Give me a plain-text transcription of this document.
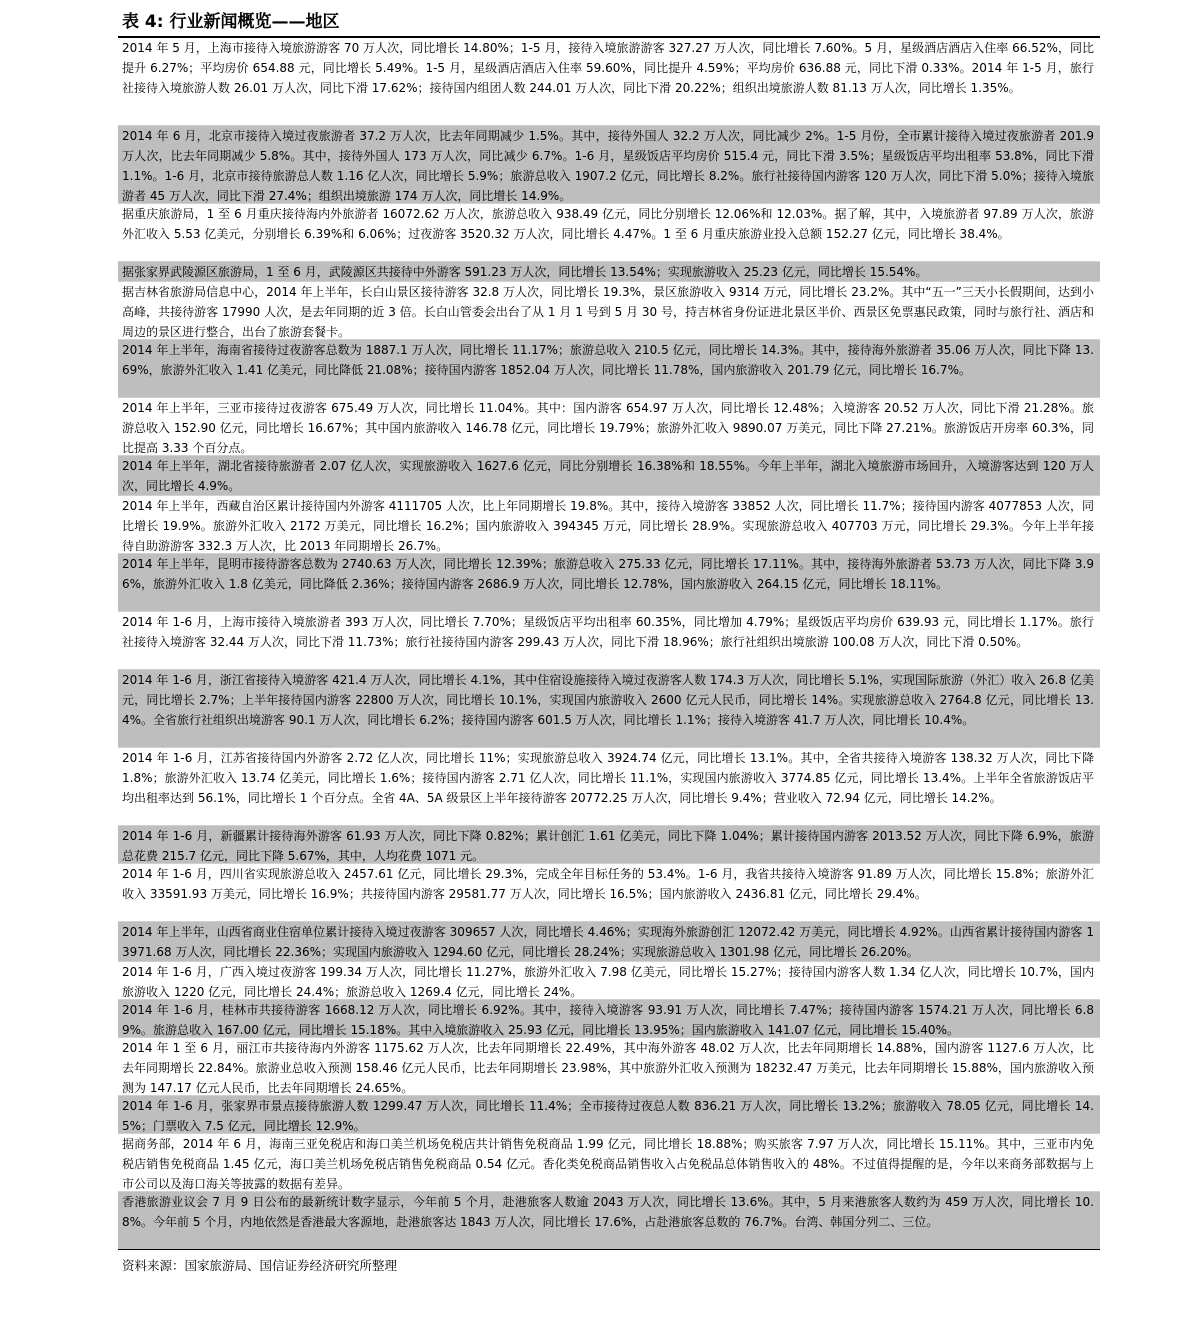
表 4: 行业新闻概览——地区
2014 年 5 月，上海市接待入境旅游游客 70 万人次，同比增长 14.80%；1-5 月，接待入境旅游游客 327.27 万人次，同比增长 7.60%。5 月，星级酒店酒店入住率 66.52%，同比提升 6.27%；平均房价 654.88 元，同比增长 5.49%。1-5 月，星级酒店酒店入住率 59.60%，同比提升 4.59%；平均房价 636.88 元，同比下滑 0.33%。2014 年 1-5 月，旅行社接待入境旅游人数 26.01 万人次，同比下滑 17.62%；接待国内组团人数 244.01 万人次，同比下滑 20.22%；组织出境旅游人数 81.13 万人次，同比增长 1.35%。
2014 年 6 月，北京市接待入境过夜旅游者 37.2 万人次，比去年同期减少 1.5%。其中，接待外国人 32.2 万人次，同比减少 2%。1-5 月份，全市累计接待入境过夜旅游者 201.9 万人次，比去年同期减少 5.8%。其中，接待外国人 173 万人次，同比减少 6.7%。1-6 月，星级饭店平均房价 515.4 元，同比下滑 3.5%；星级饭店平均出租率 53.8%，同比下滑 1.1%。1-6 月，北京市接待旅游总人数 1.16 亿人次，同比增长 5.9%；旅游总收入 1907.2 亿元，同比增长 8.2%。旅行社接待国内游客 120 万人次，同比下滑 5.0%；接待入境旅游者 45 万人次，同比下滑 27.4%；组织出境旅游 174 万人次，同比增长 14.9%。
据重庆旅游局，1 至 6 月重庆接待海内外旅游者 16072.62 万人次，旅游总收入 938.49 亿元，同比分别增长 12.06%和 12.03%。据了解，其中，入境旅游者 97.89 万人次，旅游外汇收入 5.53 亿美元，分别增长 6.39%和 6.06%；过夜游客 3520.32 万人次，同比增长 4.47%。1 至 6 月重庆旅游业投入总额 152.27 亿元，同比增长 38.4%。
据张家界武陵源区旅游局，1 至 6 月，武陵源区共接待中外游客 591.23 万人次，同比增长 13.54%；实现旅游收入 25.23 亿元，同比增长 15.54%。
据吉林省旅游局信息中心，2014 年上半年，长白山景区接待游客 32.8 万人次，同比增长 19.3%，景区旅游收入 9314 万元，同比增长 23.2%。其中“五一”三天小长假期间，达到小高峰，共接待游客 17990 人次，是去年同期的近 3 倍。长白山管委会出台了从 1 月 1 号到 5 月 30 号，持吉林省身份证进北景区半价、西景区免票惠民政策，同时与旅行社、酒店和周边的景区进行整合，出台了旅游套餐卡。
2014 年上半年，海南省接待过夜游客总数为 1887.1 万人次，同比增长 11.17%；旅游总收入 210.5 亿元，同比增长 14.3%。其中，接待海外旅游者 35.06 万人次，同比下降 13.69%，旅游外汇收入 1.41 亿美元，同比降低 21.08%；接待国内游客 1852.04 万人次，同比增长 11.78%，国内旅游收入 201.79 亿元，同比增长 16.7%。
2014 年上半年，三亚市接待过夜游客 675.49 万人次，同比增长 11.04%。其中：国内游客 654.97 万人次，同比增长 12.48%；入境游客 20.52 万人次，同比下滑 21.28%。旅游总收入 152.90 亿元，同比增长 16.67%；其中国内旅游收入 146.78 亿元，同比增长 19.79%；旅游外汇收入 9890.07 万美元，同比下降 27.21%。旅游饭店开房率 60.3%，同比提高 3.33 个百分点。
2014 年上半年，湖北省接待旅游者 2.07 亿人次，实现旅游收入 1627.6 亿元，同比分别增长 16.38%和 18.55%。今年上半年，湖北入境旅游市场回升，入境游客达到 120 万人次，同比增长 4.9%。
2014 年上半年，西藏自治区累计接待国内外游客 4111705 人次，比上年同期增长 19.8%。其中，接待入境游客 33852 人次，同比增长 11.7%；接待国内游客 4077853 人次，同比增长 19.9%。旅游外汇收入 2172 万美元，同比增长 16.2%；国内旅游收入 394345 万元，同比增长 28.9%。实现旅游总收入 407703 万元，同比增长 29.3%。今年上半年接待自助游游客 332.3 万人次，比 2013 年同期增长 26.7%。
2014 年上半年，昆明市接待游客总数为 2740.63 万人次，同比增长 12.39%；旅游总收入 275.33 亿元，同比增长 17.11%。其中，接待海外旅游者 53.73 万人次，同比下降 3.96%，旅游外汇收入 1.8 亿美元，同比降低 2.36%；接待国内游客 2686.9 万人次，同比增长 12.78%，国内旅游收入 264.15 亿元，同比增长 18.11%。
2014 年 1-6 月，上海市接待入境旅游者 393 万人次，同比增长 7.70%；星级饭店平均出租率 60.35%，同比增加 4.79%；星级饭店平均房价 639.93 元，同比增长 1.17%。旅行社接待入境游客 32.44 万人次，同比下滑 11.73%；旅行社接待国内游客 299.43 万人次，同比下滑 18.96%；旅行社组织出境旅游 100.08 万人次，同比下滑 0.50%。
2014 年 1-6 月，浙江省接待入境游客 421.4 万人次，同比增长 4.1%，其中住宿设施接待入境过夜游客人数 174.3 万人次，同比增长 5.1%，实现国际旅游（外汇）收入 26.8 亿美元，同比增长 2.7%；上半年接待国内游客 22800 万人次，同比增长 10.1%，实现国内旅游收入 2600 亿元人民币，同比增长 14%。实现旅游总收入 2764.8 亿元，同比增长 13.4%。全省旅行社组织出境游客 90.1 万人次，同比增长 6.2%；接待国内游客 601.5 万人次，同比增长 1.1%；接待入境游客 41.7 万人次，同比增长 10.4%。
2014 年 1-6 月，江苏省接待国内外游客 2.72 亿人次，同比增长 11%；实现旅游总收入 3924.74 亿元，同比增长 13.1%。其中，全省共接待入境游客 138.32 万人次，同比下降 1.8%；旅游外汇收入 13.74 亿美元，同比增长 1.6%；接待国内游客 2.71 亿人次，同比增长 11.1%，实现国内旅游收入 3774.85 亿元，同比增长 13.4%。上半年全省旅游饭店平均出租率达到 56.1%，同比增长 1 个百分点。全省 4A、5A 级景区上半年接待游客 20772.25 万人次，同比增长 9.4%；营业收入 72.94 亿元，同比增长 14.2%。
2014 年 1-6 月，新疆累计接待海外游客 61.93 万人次，同比下降 0.82%；累计创汇 1.61 亿美元，同比下降 1.04%；累计接待国内游客 2013.52 万人次，同比下降 6.9%，旅游总花费 215.7 亿元，同比下降 5.67%，其中，人均花费 1071 元。
2014 年 1-6 月，四川省实现旅游总收入 2457.61 亿元，同比增长 29.3%，完成全年目标任务的 53.4%。1-6 月，我省共接待入境游客 91.89 万人次，同比增长 15.8%；旅游外汇收入 33591.93 万美元，同比增长 16.9%；共接待国内游客 29581.77 万人次，同比增长 16.5%；国内旅游收入 2436.81 亿元，同比增长 29.4%。
2014 年上半年，山西省商业住宿单位累计接待入境过夜游客 309657 人次，同比增长 4.46%；实现海外旅游创汇 12072.42 万美元，同比增长 4.92%。山西省累计接待国内游客 13971.68 万人次，同比增长 22.36%；实现国内旅游收入 1294.60 亿元，同比增长 28.24%；实现旅游总收入 1301.98 亿元，同比增长 26.20%。
2014 年 1-6 月，广西入境过夜游客 199.34 万人次，同比增长 11.27%，旅游外汇收入 7.98 亿美元，同比增长 15.27%；接待国内游客人数 1.34 亿人次，同比增长 10.7%，国内旅游收入 1220 亿元，同比增长 24.4%；旅游总收入 1269.4 亿元，同比增长 24%。
2014 年 1-6 月，桂林市共接待游客 1668.12 万人次，同比增长 6.92%。其中，接待入境游客 93.91 万人次，同比增长 7.47%；接待国内游客 1574.21 万人次，同比增长 6.89%。旅游总收入 167.00 亿元，同比增长 15.18%。其中入境旅游收入 25.93 亿元，同比增长 13.95%；国内旅游收入 141.07 亿元，同比增长 15.40%。
2014 年 1 至 6 月，丽江市共接待海内外游客 1175.62 万人次，比去年同期增长 22.49%，其中海外游客 48.02 万人次，比去年同期增长 14.88%，国内游客 1127.6 万人次，比去年同期增长 22.84%。旅游业总收入预测 158.46 亿元人民币，比去年同期增长 23.98%，其中旅游外汇收入预测为 18232.47 万美元，比去年同期增长 15.88%，国内旅游收入预测为 147.17 亿元人民币，比去年同期增长 24.65%。
2014 年 1-6 月，张家界市景点接待旅游人数 1299.47 万人次，同比增长 11.4%；全市接待过夜总人数 836.21 万人次，同比增长 13.2%；旅游收入 78.05 亿元，同比增长 14.5%；门票收入 7.5 亿元，同比增长 12.9%。
据商务部，2014 年 6 月，海南三亚免税店和海口美兰机场免税店共计销售免税商品 1.99 亿元，同比增长 18.88%；购买旅客 7.97 万人次，同比增长 15.11%。其中，三亚市内免税店销售免税商品 1.45 亿元，海口美兰机场免税店销售免税商品 0.54 亿元。香化类免税商品销售收入占免税品总体销售收入的 48%。不过值得提醒的是，今年以来商务部数据与上市公司以及海口海关等披露的数据有差异。
香港旅游业议会 7 月 9 日公布的最新统计数字显示，今年前 5 个月，赴港旅客人数逾 2043 万人次，同比增长 13.6%。其中，5 月来港旅客人数约为 459 万人次，同比增长 10.8%。今年前 5 个月，内地依然是香港最大客源地，赴港旅客达 1843 万人次，同比增长 17.6%，占赴港旅客总数的 76.7%。台湾、韩国分列二、三位。
资料来源：国家旅游局、国信证券经济研究所整理
